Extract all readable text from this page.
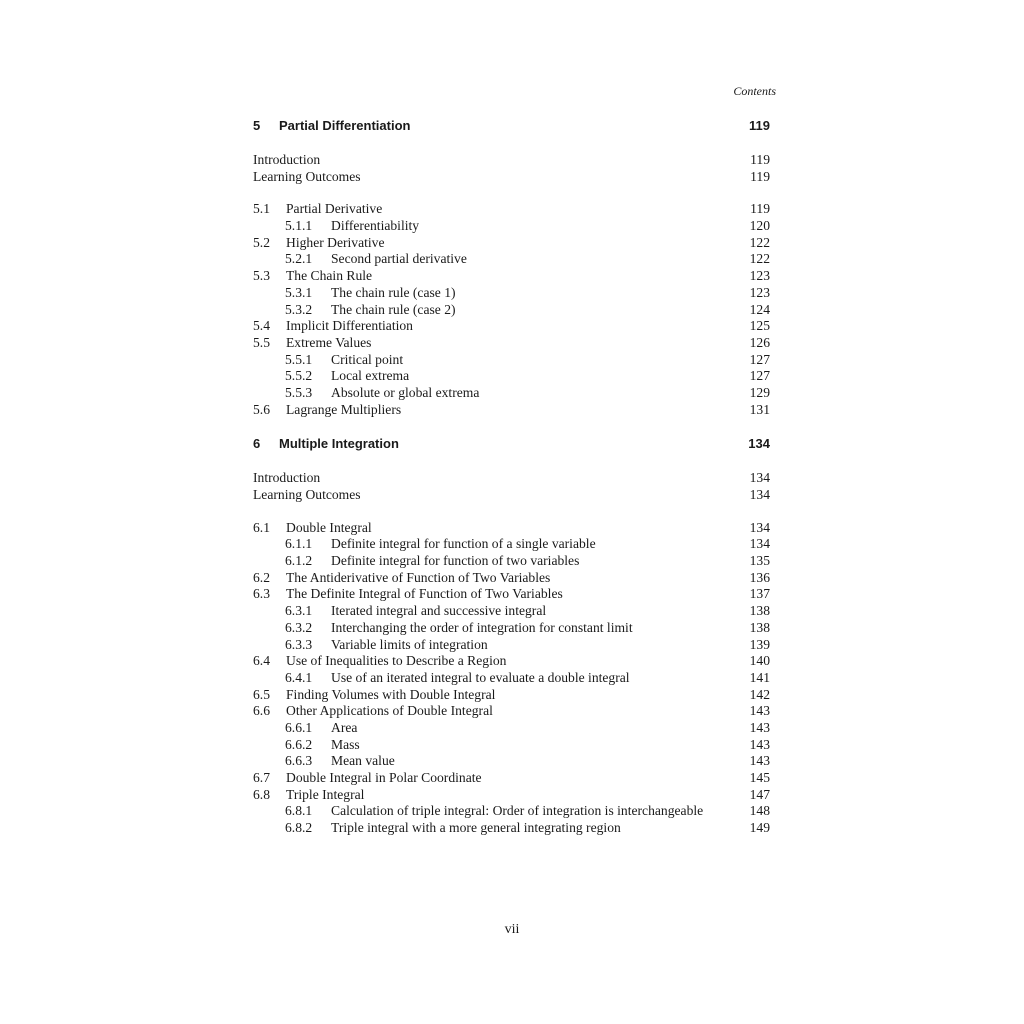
Contents
5 Partial Differentiation	119
Introduction	119
Learning Outcomes	119
5.1 Partial Derivative	119
5.1.1 Differentiability	120
5.2 Higher Derivative	122
5.2.1 Second partial derivative	122
5.3 The Chain Rule	123
5.3.1 The chain rule (case 1)	123
5.3.2 The chain rule (case 2)	124
5.4 Implicit Differentiation	125
5.5 Extreme Values	126
5.5.1 Critical point	127
5.5.2 Local extrema	127
5.5.3 Absolute or global extrema	129
5.6 Lagrange Multipliers	131
6 Multiple Integration	134
Introduction	134
Learning Outcomes	134
6.1 Double Integral	134
6.1.1 Definite integral for function of a single variable	134
6.1.2 Definite integral for function of two variables	135
6.2 The Antiderivative of Function of Two Variables	136
6.3 The Definite Integral of Function of Two Variables	137
6.3.1 Iterated integral and successive integral	138
6.3.2 Interchanging the order of integration for constant limit	138
6.3.3 Variable limits of integration	139
6.4 Use of Inequalities to Describe a Region	140
6.4.1 Use of an iterated integral to evaluate a double integral	141
6.5 Finding Volumes with Double Integral	142
6.6 Other Applications of Double Integral	143
6.6.1 Area	143
6.6.2 Mass	143
6.6.3 Mean value	143
6.7 Double Integral in Polar Coordinate	145
6.8 Triple Integral	147
6.8.1 Calculation of triple integral: Order of integration is interchangeable	148
6.8.2 Triple integral with a more general integrating region	149
vii
